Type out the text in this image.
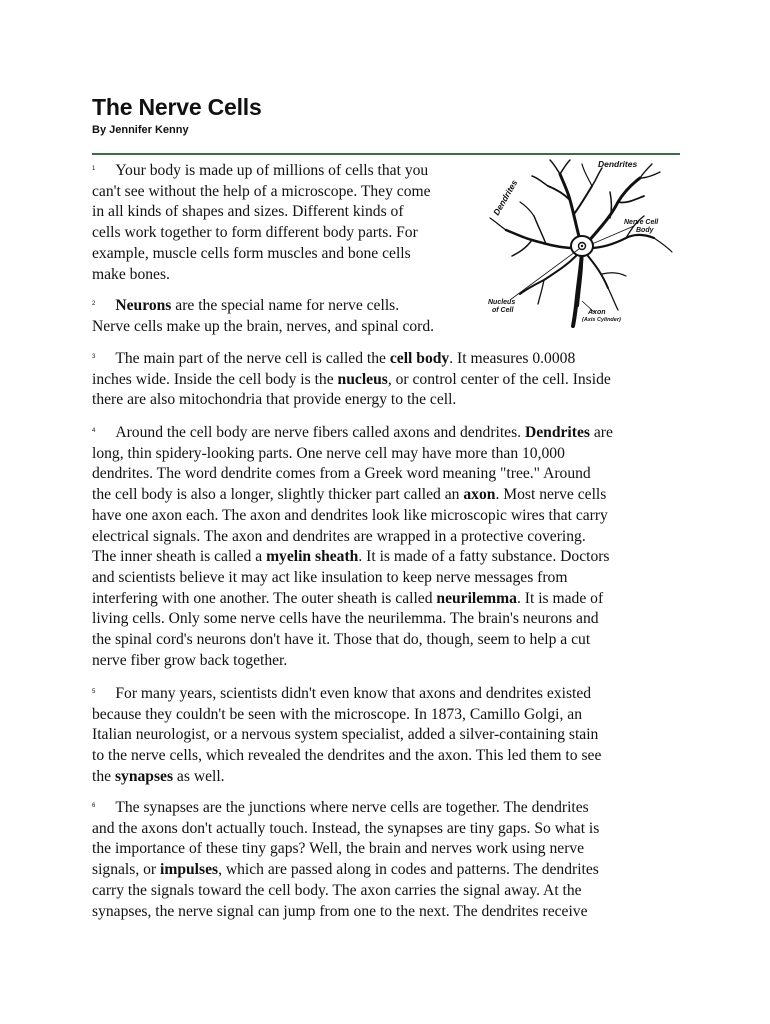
The Nerve Cells
By Jennifer Kenny
Dendrites
Dendrites
Nerve Cell
Body
Nucleus
of Cell	Axon
(Axis Cylinder)
$^1$ Your body is made up of millions of cells that you
can't see without the help of a microscope. They come
in all kinds of shapes and sizes. Different kinds of
cells work together to form different body parts. For
example, muscle cells form muscles and bone cells
make bones.
$^2$ Neurons are the special name for nerve cells.
Nerve cells make up the brain, nerves, and spinal cord.
$^3$ The main part of the nerve cell is called the cell body. It measures 0.0008
inches wide. Inside the cell body is the nucleus, or control center of the cell. Inside
there are also mitochondria that provide energy to the cell.
$^4$ Around the cell body are nerve fibers called axons and dendrites. Dendrites are
long, thin spidery-looking parts. One nerve cell may have more than 10,000
dendrites. The word dendrite comes from a Greek word meaning "tree." Around
the cell body is also a longer, slightly thicker part called an axon. Most nerve cells
have one axon each. The axon and dendrites look like microscopic wires that carry
electrical signals. The axon and dendrites are wrapped in a protective covering.
The inner sheath is called a myelin sheath. It is made of a fatty substance. Doctors
and scientists believe it may act like insulation to keep nerve messages from
interfering with one another. The outer sheath is called neurilemma. It is made of
living cells. Only some nerve cells have the neurilemma. The brain's neurons and
the spinal cord's neurons don't have it. Those that do, though, seem to help a cut
nerve fiber grow back together.
$^5$ For many years, scientists didn't even know that axons and dendrites existed
because they couldn't be seen with the microscope. In 1873, Camillo Golgi, an
Italian neurologist, or a nervous system specialist, added a silver-containing stain
to the nerve cells, which revealed the dendrites and the axon. This led them to see
the synapses as well.
$^6$ The synapses are the junctions where nerve cells are together. The dendrites
and the axons don't actually touch. Instead, the synapses are tiny gaps. So what is
the importance of these tiny gaps? Well, the brain and nerves work using nerve
signals, or impulses, which are passed along in codes and patterns. The dendrites
carry the signals toward the cell body. The axon carries the signal away. At the
synapses, the nerve signal can jump from one to the next. The dendrites receive
